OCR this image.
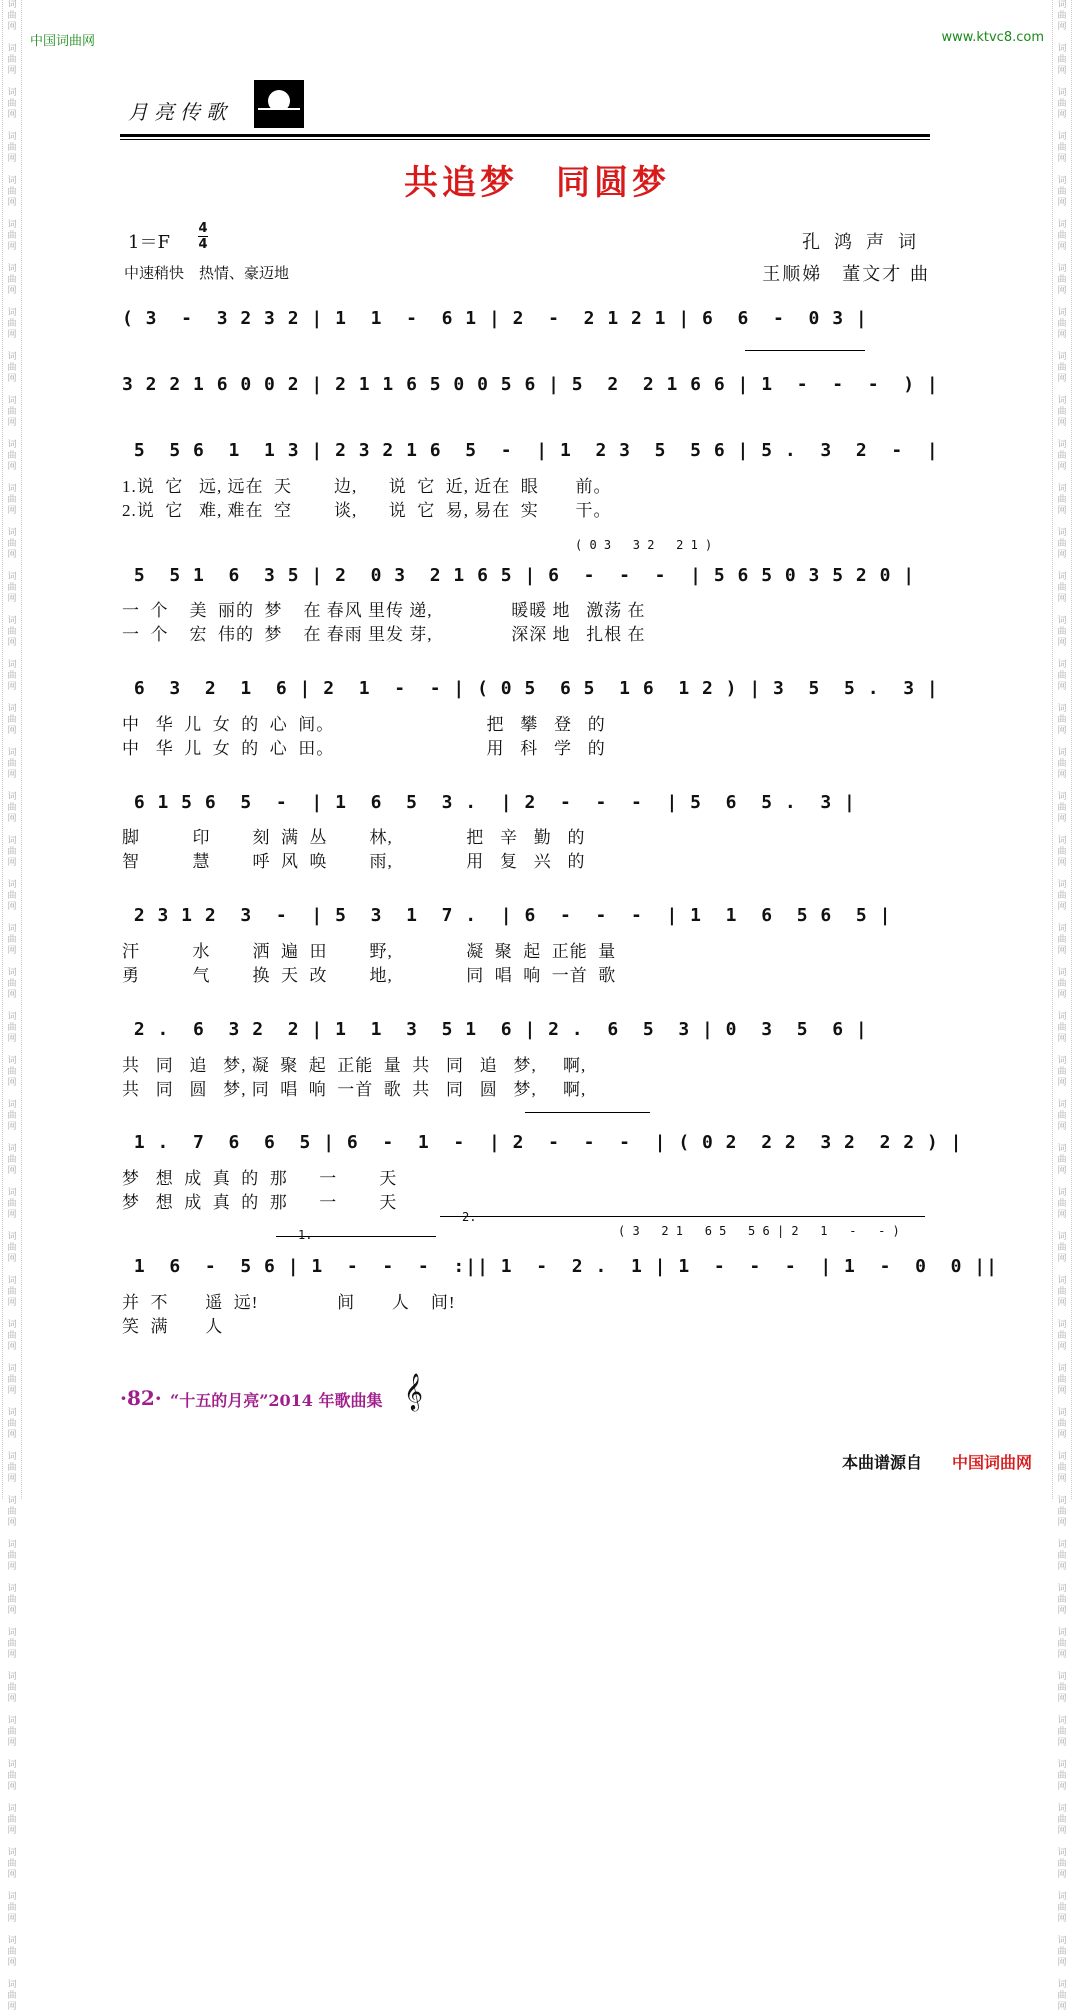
词
曲
网

词
曲
网

词
曲
网

词
曲
网

词
曲
网

词
曲
网

词
曲
网

词
曲
网

词
曲
网

词
曲
网

词
曲
网

词
曲
网

词
曲
网

词
曲
网

词
曲
网

词
曲
网

词
曲
网

词
曲
网

词
曲
网

词
曲
网

词
曲
网

词
曲
网

词
曲
网

词
曲
网

词
曲
网

词
曲
网

词
曲
网

词
曲
网

词
曲
网

词
曲
网

词
曲
网

词
曲
网

词
曲
网

词
曲
网

词
曲
网

词
曲
网

词
曲
网

词
曲
网

词
曲
网

词
曲
网

词
曲
网

词
曲
网

词
曲
网

词
曲
网

词
曲
网

词
曲
网

词
曲
网

词
曲
网

词
曲
网

词
曲
网

词
曲
网

词
曲
网

词
曲
网

词
曲
网

词
曲
网

词
曲
网

词
曲
网

词
曲
网

词
曲
网

词
曲
网

词
曲
网

词
曲
网

词
曲
网

词
曲
网

词
曲
网

词
曲
网

词
曲
网

词
曲
网

词
曲
网

词
曲
网

词
曲
网

词
曲
网

词
曲
网

词
曲
网

词
曲
网

词
曲
网

词
曲
网

词
曲
网

词
曲
网

词
曲
网

词
曲
网

词
曲
网

词
曲
网

词
曲
网

词
曲
网

词
曲
网

词
曲
网

词
曲
网

词
曲
网

词
曲
网

词
曲
网

词
曲
网

中国词曲网	www.ktvc8.com
月亮传歌
共追梦　同圆梦
1＝F
4
4
中速稍快　热情、豪迈地
孔鸿声词
王顺娣　董文才 曲
( 3  -  3 2 3 2 | 1  1  -  6 1 | 2  -  2 1 2 1 | 6  6  -  0 3 |
3 2 2 1 6 0 0 2 | 2 1 1 6 5 0 0 5 6 | 5  2  2 1 6 6 | 1  -  -  -  ) |
5  5 6  1  1 3 | 2 3 2 1 6  5  -  | 1  2 3  5  5 6 | 5 .  3  2  -  |
1.说  它   远, 远在  天        边,      说  它  近, 近在  眼       前。
2.说  它   难, 难在  空        谈,      说  它  易, 易在  实       干。
( 0 3   3 2   2 1 )
5  5 1  6  3 5 | 2  0 3  2 1 6 5 | 6  -  -  -  | 5 6 5 0 3 5 2 0 |
一  个    美  丽的  梦    在 春风 里传 递,               暖暖 地   激荡 在
一  个    宏  伟的  梦    在 春雨 里发 芽,               深深 地   扎根 在
6  3  2  1  6 | 2  1  -  - | ( 0 5  6 5  1 6  1 2 ) | 3  5  5 .  3 |
中   华  儿  女  的  心  间。                             把   攀   登   的
中   华  儿  女  的  心  田。                             用   科   学   的
6 1 5 6  5  -  | 1  6  5  3 .  | 2  -  -  -  | 5  6  5 .  3 |
脚          印        刻  满  丛        林,              把   辛   勤   的
智          慧        呼  风  唤        雨,              用   复   兴   的
2 3 1 2  3  -  | 5  3  1  7 .  | 6  -  -  -  | 1  1  6  5 6  5 |
汗          水        洒  遍  田        野,              凝  聚  起  正能  量
勇          气        换  天  改        地,              同  唱  响  一首  歌
2 .  6  3 2  2 | 1  1  3  5 1  6 | 2 .  6  5  3 | 0  3  5  6 |
共   同   追   梦, 凝  聚  起  正能  量  共   同   追   梦,     啊,
共   同   圆   梦, 同  唱  响  一首  歌  共   同   圆   梦,     啊,
1 .  7  6  6  5 | 6  -  1  -  | 2  -  -  -  | ( 0 2  2 2  3 2  2 2 ) |
梦   想  成  真  的  那      一        天
梦   想  成  真  的  那      一        天
1.
2.
( 3   2 1   6 5   5 6 | 2   1   -   - )
1  6  -  5 6 | 1  -  -  -  :|| 1  -  2 .  1 | 1  -  -  -  | 1  -  0  0 ||
并  不       遥  远!               间       人    间!
笑  满       人
·82· “十五的月亮”2014 年歌曲集 𝄞
本曲谱源自 中国词曲网
